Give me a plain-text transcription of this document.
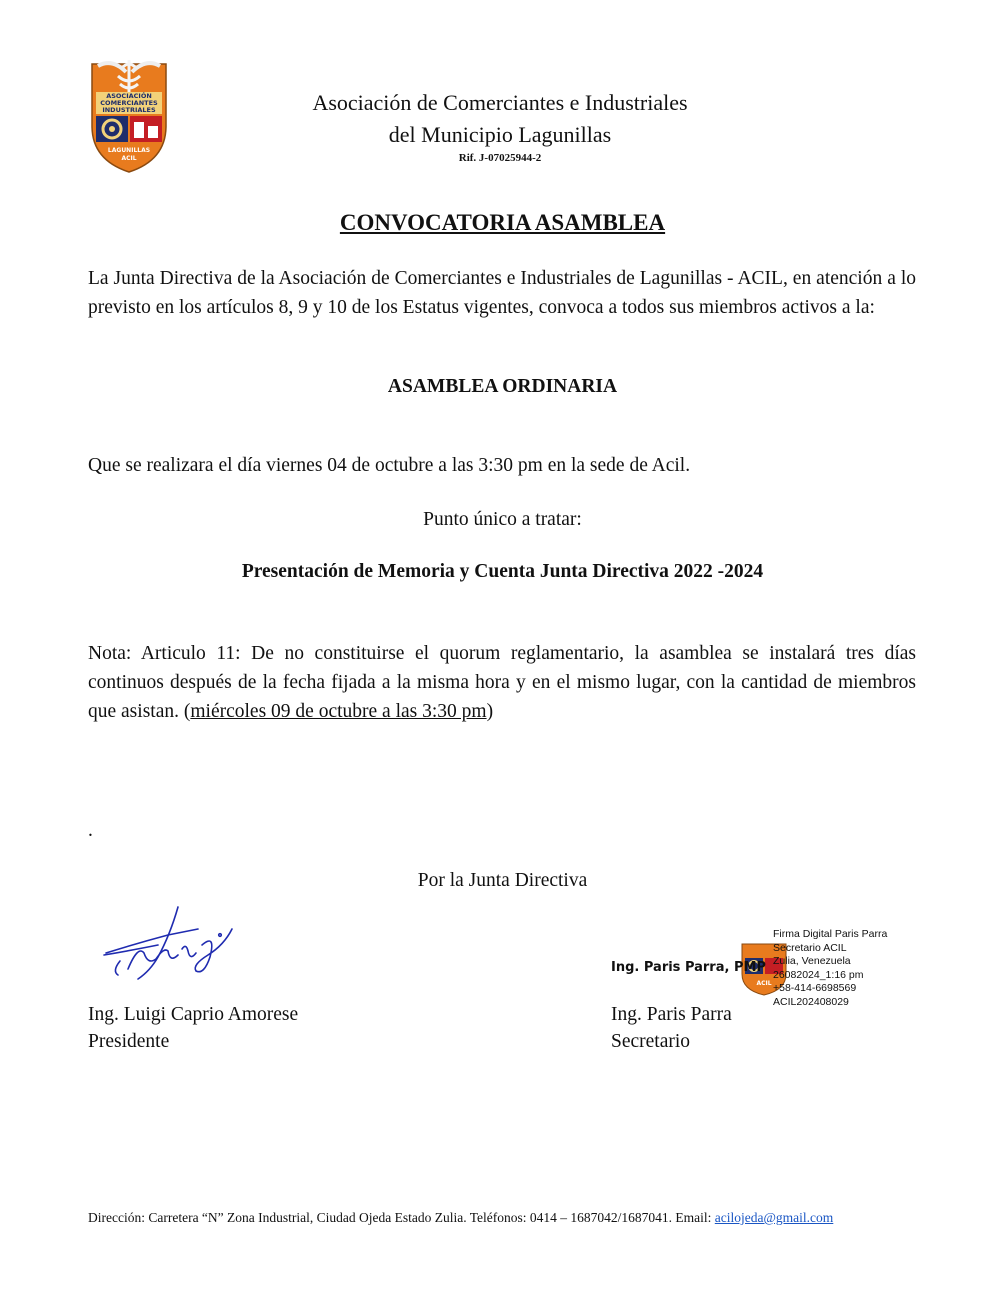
ASOCIACIÓN
COMERCIANTES
INDUSTRIALES
LAGUNILLAS
ACIL
Asociación de Comerciantes e Industriales
del Municipio Lagunillas
Rif. J-07025944-2
CONVOCATORIA ASAMBLEA
La Junta Directiva de la Asociación de Comerciantes e Industriales de Lagunillas - ACIL, en atención a lo previsto en los artículos 8, 9 y 10 de los Estatus vigentes, convoca a todos sus miembros activos a la:
ASAMBLEA ORDINARIA
Que se realizara el día viernes 04 de octubre a las 3:30 pm en la sede de Acil.
Punto único a tratar:
Presentación de Memoria y Cuenta Junta Directiva 2022 -2024
Nota: Articulo 11: De no constituirse el quorum reglamentario, la asamblea se instalará tres días continuos después de la fecha fijada a la misma hora y en el mismo lugar, con la cantidad de miembros que asistan. (miércoles 09 de octubre a las 3:30 pm)
.
Por la Junta Directiva
Ing. Luigi Caprio Amorese
Presidente
ACIL
Ing. Paris Parra, PMP
Firma Digital Paris Parra
Secretario ACIL
Zulia, Venezuela
26082024_1:16 pm
+58-414-6698569
ACIL202408029
Ing. Paris Parra
Secretario
Dirección: Carretera “N” Zona Industrial, Ciudad Ojeda Estado Zulia. Teléfonos: 0414 – 1687042/1687041. Email: acilojeda@gmail.com
